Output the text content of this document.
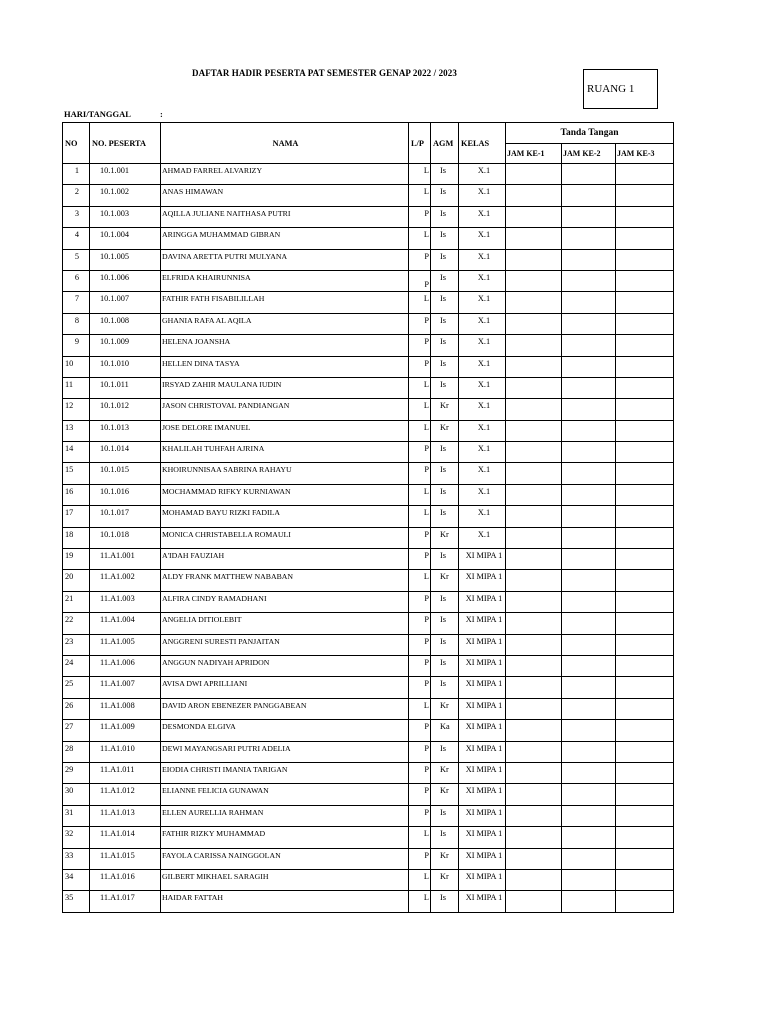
DAFTAR HADIR PESERTA PAT SEMESTER GENAP 2022 / 2023
RUANG 1
HARI/TANGGAL	:
NO	NO. PESERTA	NAMA	L/P	AGM	KELAS	Tanda Tangan		
						JAM KE-1	JAM KE-2	JAM KE-3
1	10.1.001	AHMAD FARREL ALVARIZY	L	Is	X.1			
2	10.1.002	ANAS HIMAWAN	L	Is	X.1			
3	10.1.003	AQILLA JULIANE NAITHASA PUTRI	P	Is	X.1			
4	10.1.004	ARINGGA MUHAMMAD GIBRAN	L	Is	X.1			
5	10.1.005	DAVINA ARETTA PUTRI MULYANA	P	Is	X.1			
6	10.1.006	ELFRIDA KHAIRUNNISA	P	Is	X.1			
7	10.1.007	FATHIR FATH FISABILILLAH	L	Is	X.1			
8	10.1.008	GHANIA RAFA AL AQILA	P	Is	X.1			
9	10.1.009	HELENA JOANSHA	P	Is	X.1			
10	10.1.010	HELLEN DINA TASYA	P	Is	X.1			
11	10.1.011	IRSYAD ZAHIR MAULANA IUDIN	L	Is	X.1			
12	10.1.012	JASON CHRISTOVAL PANDIANGAN	L	Kr	X.1			
13	10.1.013	JOSE DELORE IMANUEL	L	Kr	X.1			
14	10.1.014	KHALILAH TUHFAH AJRINA	P	Is	X.1			
15	10.1.015	KHOIRUNNISAA SABRINA RAHAYU	P	Is	X.1			
16	10.1.016	MOCHAMMAD RIFKY KURNIAWAN	L	Is	X.1			
17	10.1.017	MOHAMAD BAYU RIZKI FADILA	L	Is	X.1			
18	10.1.018	MONICA CHRISTABELLA ROMAULI	P	Kr	X.1			
19	11.A1.001	A'IDAH FAUZIAH	P	Is	XI MIPA 1			
20	11.A1.002	ALDY FRANK MATTHEW NABABAN	L	Kr	XI MIPA 1			
21	11.A1.003	ALFIRA CINDY RAMADHANI	P	Is	XI MIPA 1			
22	11.A1.004	ANGELIA DITIOLEBIT	P	Is	XI MIPA 1			
23	11.A1.005	ANGGRENI SURESTI PANJAITAN	P	Is	XI MIPA 1			
24	11.A1.006	ANGGUN NADIYAH APRIDON	P	Is	XI MIPA 1			
25	11.A1.007	AVISA DWI APRILLIANI	P	Is	XI MIPA 1			
26	11.A1.008	DAVID ARON EBENEZER PANGGABEAN	L	Kr	XI MIPA 1			
27	11.A1.009	DESMONDA ELGIVA	P	Ka	XI MIPA 1			
28	11.A1.010	DEWI MAYANGSARI PUTRI ADELIA	P	Is	XI MIPA 1			
29	11.A1.011	EIODIA CHRISTI IMANIA TARIGAN	P	Kr	XI MIPA 1			
30	11.A1.012	ELIANNE FELICIA GUNAWAN	P	Kr	XI MIPA 1			
31	11.A1.013	ELLEN AURELLIA RAHMAN	P	Is	XI MIPA 1			
32	11.A1.014	FATHIR RIZKY MUHAMMAD	L	Is	XI MIPA 1			
33	11.A1.015	FAYOLA CARISSA NAINGGOLAN	P	Kr	XI MIPA 1			
34	11.A1.016	GILBERT MIKHAEL SARAGIH	L	Kr	XI MIPA 1			
35	11.A1.017	HAIDAR FATTAH	L	Is	XI MIPA 1			
